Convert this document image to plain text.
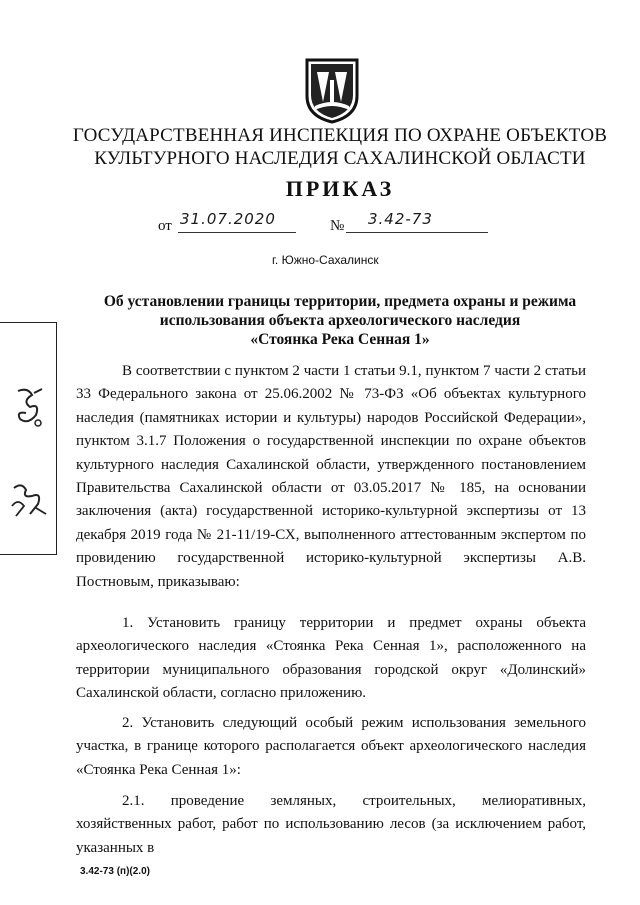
ГОСУДАРСТВЕННАЯ ИНСПЕКЦИЯ ПО ОХРАНЕ ОБЪЕКТОВ
КУЛЬТУРНОГО НАСЛЕДИЯ САХАЛИНСКОЙ ОБЛАСТИ
ПРИКАЗ
от 31.07.2020	№ 3.42-73
г. Южно-Сахалинск
Об установлении границы территории, предмета охраны и режима
использования объекта археологического наследия
«Стоянка Река Сенная 1»
В соответствии с пунктом 2 части 1 статьи 9.1, пунктом 7 части 2 статьи 33 Федерального закона от 25.06.2002 № 73-ФЗ «Об объектах культурного наследия (памятниках истории и культуры) народов Российской Федерации», пунктом 3.1.7 Положения о государственной инспекции по охране объектов культурного наследия Сахалинской области, утвержденного постановлением Правительства Сахалинской области от 03.05.2017 № 185, на основании заключения (акта) государственной историко-культурной экспертизы от 13 декабря 2019 года № 21-11/19-СХ, выполненного аттестованным экспертом по провидению государственной историко-культурной экспертизы А.В. Постновым, приказываю:
1. Установить границу территории и предмет охраны объекта археологического наследия «Стоянка Река Сенная 1», расположенного на территории муниципального образования городской округ «Долинский» Сахалинской области, согласно приложению.
2. Установить следующий особый режим использования земельного участка, в границе которого располагается объект археологического наследия «Стоянка Река Сенная 1»:
2.1. проведение земляных, строительных, мелиоративных, хозяйственных работ, работ по использованию лесов (за исключением работ, указанных в
3.42-73 (п)(2.0)
